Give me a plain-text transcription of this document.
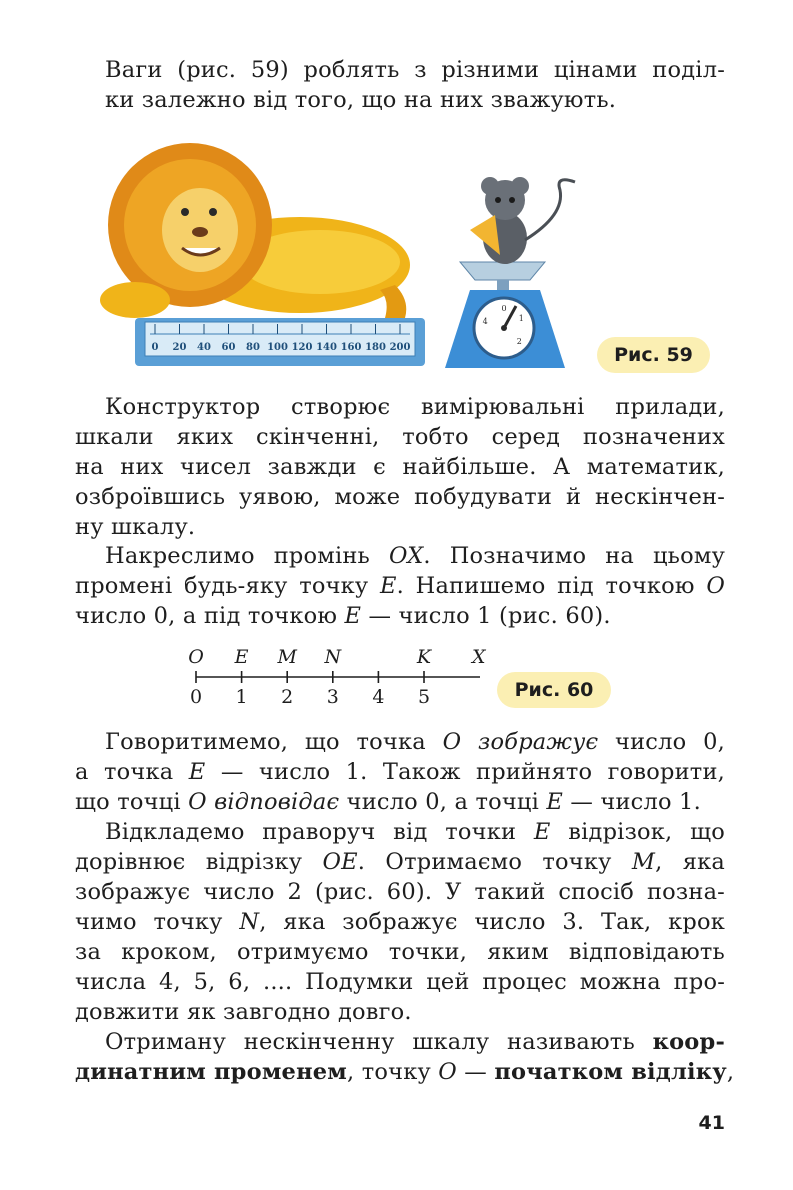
Ваги (рис. 59) роблять з різними цінами поділ-
ки залежно від того, що на них зважують.
0 20 40 60 80 100 120 140 160 180 200
0
1
2
4
Рис. 59
Конструктор створює вимірювальні прилади,
шкали яких скінченні, тобто серед позначених
на них чисел завжди є найбільше. А математик,
озброївшись уявою, може побудувати й нескінчен-
ну шкалу.
Накреслимо промінь OX. Позначимо на цьому
промені будь-яку точку E. Напишемо під точкою O
число 0, а під точкою E — число 1 (рис. 60).
0 1 2 3 4 5
O E M N	K X
Рис. 60
Говоритимемо, що точка O зображує число 0,
а точка E — число 1. Також прийнято говорити,
що точці O відповідає число 0, а точці E — число 1.
Відкладемо праворуч від точки E відрізок, що
дорівнює відрізку OE. Отримаємо точку M, яка
зображує число 2 (рис. 60). У такий спосіб позна-
чимо точку N, яка зображує число 3. Так, крок
за кроком, отримуємо точки, яким відповідають
числа 4, 5, 6, .... Подумки цей процес можна про-
довжити як завгодно довго.
Отриману нескінченну шкалу називають коор-
динатним променем, точку O — початком відліку,
41
